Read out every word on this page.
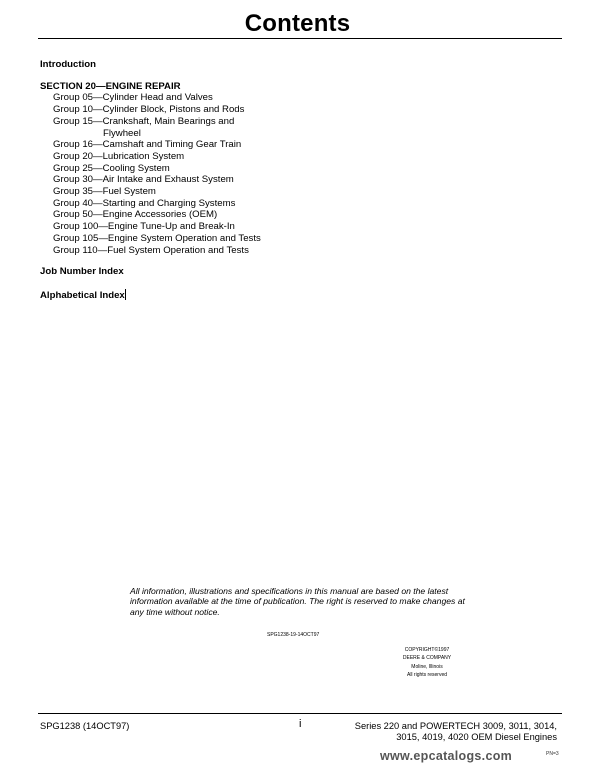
Contents
Introduction
SECTION 20—ENGINE REPAIR
Group 05—Cylinder Head and Valves
Group 10—Cylinder Block, Pistons and Rods
Group 15—Crankshaft, Main Bearings and
Flywheel
Group 16—Camshaft and Timing Gear Train
Group 20—Lubrication System
Group 25—Cooling System
Group 30—Air Intake and Exhaust System
Group 35—Fuel System
Group 40—Starting and Charging Systems
Group 50—Engine Accessories (OEM)
Group 100—Engine Tune-Up and Break-In
Group 105—Engine System Operation and Tests
Group 110—Fuel System Operation and Tests
Job Number Index
Alphabetical Index
All information, illustrations and specifications in this manual are based on the latest information available at the time of publication. The right is reserved to make changes at any time without notice.
SPG1238-19-14OCT97
COPYRIGHT©1997
DEERE & COMPANY
Moline, Illinois
All rights reserved
SPG1238 (14OCT97)	i	Series 220 and POWERTECH 3009, 3011, 3014,
3015, 4019, 4020 OEM Diesel Engines
www.epcatalogs.com	PN=3
